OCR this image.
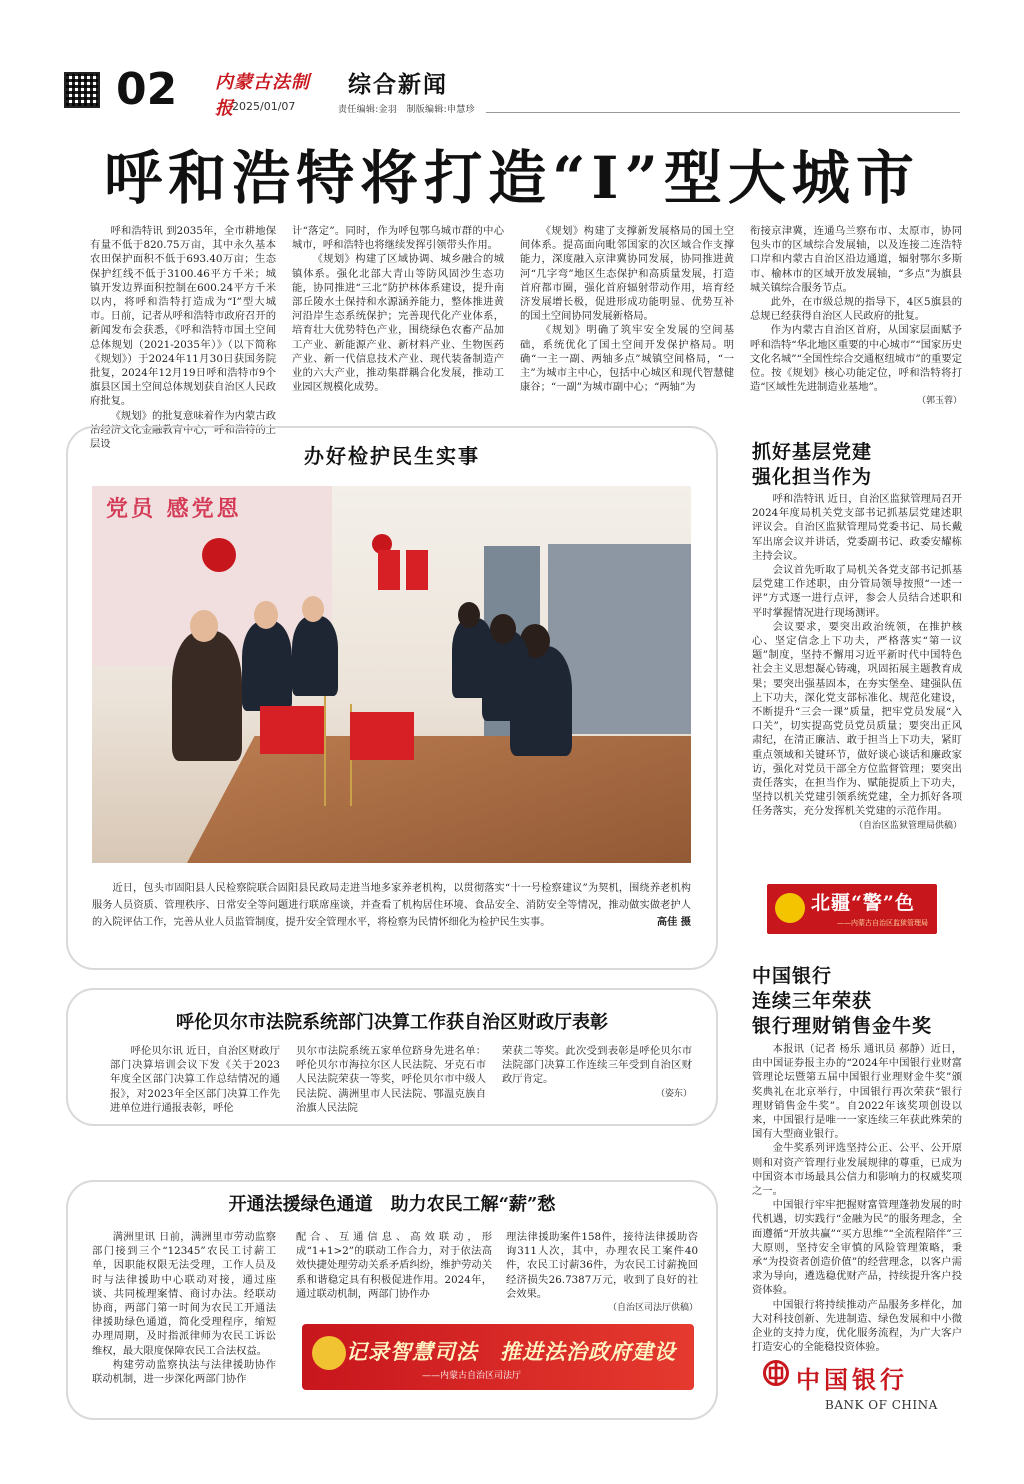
02 内蒙古法制报
2025/01/07
综合新闻
责任编辑:金羽　制版编辑:申慧珍
呼和浩特将打造“I”型大城市

呼和浩特讯 到2035年，全市耕地保有量不低于820.75万亩，其中永久基本农田保护面积不低于693.40万亩；生态保护红线不低于3100.46平方千米；城镇开发边界面积控制在600.24平方千米以内，将呼和浩特打造成为“I”型大城市。日前，记者从呼和浩特市政府召开的新闻发布会获悉，《呼和浩特市国土空间总体规划（2021-2035年）》（以下简称《规划》）于2024年11月30日获国务院批复，2024年12月19日呼和浩特市9个旗县区国土空间总体规划获自治区人民政府批复。

《规划》的批复意味着作为内蒙古政治经济文化金融教育中心，呼和浩特的上层设

计“落定”。同时，作为呼包鄂乌城市群的中心城市，呼和浩特也将继续发挥引领带头作用。

《规划》构建了区域协调、城乡融合的城镇体系。强化北部大青山等防风固沙生态功能，协同推进“三北”防护林体系建设，提升南部丘陵水土保持和水源涵养能力，整体推进黄河沿岸生态系统保护；完善现代化产业体系，培育壮大优势特色产业，围绕绿色农畜产品加工产业、新能源产业、新材料产业、生物医药产业、新一代信息技术产业、现代装备制造产业的六大产业，推动集群耦合化发展，推动工业园区规模化成势。

《规划》构建了支撑新发展格局的国土空间体系。提高面向毗邻国家的次区域合作支撑能力，深度融入京津冀协同发展，协同推进黄河“几字弯”地区生态保护和高质量发展，打造首府都市圈，强化首府辐射带动作用，培育经济发展增长极，促进形成功能明显、优势互补的国土空间协同发展新格局。

《规划》明确了筑牢安全发展的空间基础，系统优化了国土空间开发保护格局。明确“一主一副、两轴多点”城镇空间格局，“一主”为城市主中心，包括中心城区和现代智慧健康谷；“一副”为城市副中心；“两轴”为

衔接京津冀，连通乌兰察布市、太原市，协同包头市的区域综合发展轴，以及连接二连浩特口岸和内蒙古自治区沿边通道，辐射鄂尔多斯市、榆林市的区域开放发展轴，“多点”为旗县城关镇综合服务节点。

此外，在市级总规的指导下，4区5旗县的总规已经获得自治区人民政府的批复。

作为内蒙古自治区首府，从国家层面赋予呼和浩特“华北地区重要的中心城市”“国家历史文化名城”“全国性综合交通枢纽城市”的重要定位。按《规划》核心功能定位，呼和浩特将打造“区域性先进制造业基地”。

（郭玉蓉）
办好检护民生实事
党员 感党恩
近日，包头市固阳县人民检察院联合固阳县民政局走进当地多家养老机构，以贯彻落实“十一号检察建议”为契机，围绕养老机构服务人员资质、管理秩序、日常安全等问题进行联席座谈，并查看了机构居住环境、食品安全、消防安全等情况，推动做实做老护人的入院评估工作，完善从业人员监管制度，提升安全管理水平，将检察为民情怀细化为检护民生实事。	高佳 摄
抓好基层党建
强化担当作为

呼和浩特讯 近日，自治区监狱管理局召开2024年度局机关党支部书记抓基层党建述职评议会。自治区监狱管理局党委书记、局长戴军出席会议并讲话，党委副书记、政委安耀栋主持会议。

会议首先听取了局机关各党支部书记抓基层党建工作述职，由分管局领导按照“一述一评”方式逐一进行点评，参会人员结合述职和平时掌握情况进行现场测评。

会议要求，要突出政治统领，在推护核心、坚定信念上下功夫，严格落实“第一议题”制度，坚持不懈用习近平新时代中国特色社会主义思想凝心铸魂，巩固拓展主题教育成果；要突出强基固本，在夯实堡垒、建强队伍上下功夫，深化党支部标准化、规范化建设，不断提升“三会一课”质量，把牢党员发展“入口关”，切实提高党员党员质量；要突出正风肃纪，在清正廉洁、敢于担当上下功夫，紧盯重点领域和关键环节，做好谈心谈话和廉政家访，强化对党员干部全方位监督管理；要突出责任落实，在担当作为、赋能提质上下功夫，坚持以机关党建引领系统党建，全力抓好各项任务落实，充分发挥机关党建的示范作用。

（自治区监狱管理局供稿）
北疆“警”色
——内蒙古自治区监狱管理局
呼伦贝尔市法院系统部门决算工作获自治区财政厅表彰

呼伦贝尔讯 近日，自治区财政厅部门决算培训会议下发《关于2023年度全区部门决算工作总结情况的通报》，对2023年全区部门决算工作先进单位进行通报表彰，呼伦

贝尔市法院系统五家单位跻身先进名单：呼伦贝尔市海拉尔区人民法院、牙克石市人民法院荣获一等奖，呼伦贝尔市中级人民法院、满洲里市人民法院、鄂温克族自治旗人民法院

荣获二等奖。此次受到表彰是呼伦贝尔市法院部门决算工作连续三年受到自治区财政厅肯定。

（姿东）
开通法援绿色通道　助力农民工解“薪”愁

满洲里讯 日前，满洲里市劳动监察部门接到三个“12345”农民工讨薪工单，因职能权限无法受理，工作人员及时与法律援助中心联动对接，通过座谈、共同梳理案情、商讨办法。经联动协商，两部门第一时间为农民工开通法律援助绿色通道，简化受理程序，缩短办理周期，及时指派律师为农民工诉讼维权，最大限度保障农民工合法权益。

构建劳动监察执法与法律援助协作联动机制，进一步深化两部门协作

配合、互通信息、高效联动，形成“1+1>2”的联动工作合力，对于依法高效快捷处理劳动关系矛盾纠纷，维护劳动关系和谐稳定具有积极促进作用。2024年，通过联动机制，两部门协作办

理法律援助案件158件，接待法律援助咨询311人次，其中，办理农民工案件40件，农民工讨薪36件，为农民工讨薪挽回经济损失26.7387万元，收到了良好的社会效果。

（自治区司法厅供稿）
记录智慧司法　推进法治政府建设
——内蒙古自治区司法厅
中国银行
连续三年荣获
银行理财销售金牛奖

本报讯（记者 杨乐 通讯员 郝静）近日，由中国证券报主办的“2024年中国银行业财富管理论坛暨第五届中国银行业理财金牛奖”颁奖典礼在北京举行，中国银行再次荣获“银行理财销售金牛奖”。自2022年该奖项创设以来，中国银行是唯一一家连续三年获此殊荣的国有大型商业银行。

金牛奖系列评选坚持公正、公平、公开原则和对资产管理行业发展规律的尊重，已成为中国资本市场最具公信力和影响力的权威奖项之一。

中国银行牢牢把握财富管理蓬勃发展的时代机遇，切实践行“金融为民”的服务理念，全面遵循“开放共赢”“买方思维”“全流程陪伴”三大原则，坚持安全审慎的风险管理策略，秉承“为投资者创造价值”的经营理念，以客户需求为导向，遴选稳优财产品，持续提升客户投资体验。

中国银行将持续推动产品服务多样化，加大对科技创新、先进制造、绿色发展和中小微企业的支持力度，优化服务流程，为广大客户打造安心的全能稳投资体验。

中国银行
BANK OF CHINA
